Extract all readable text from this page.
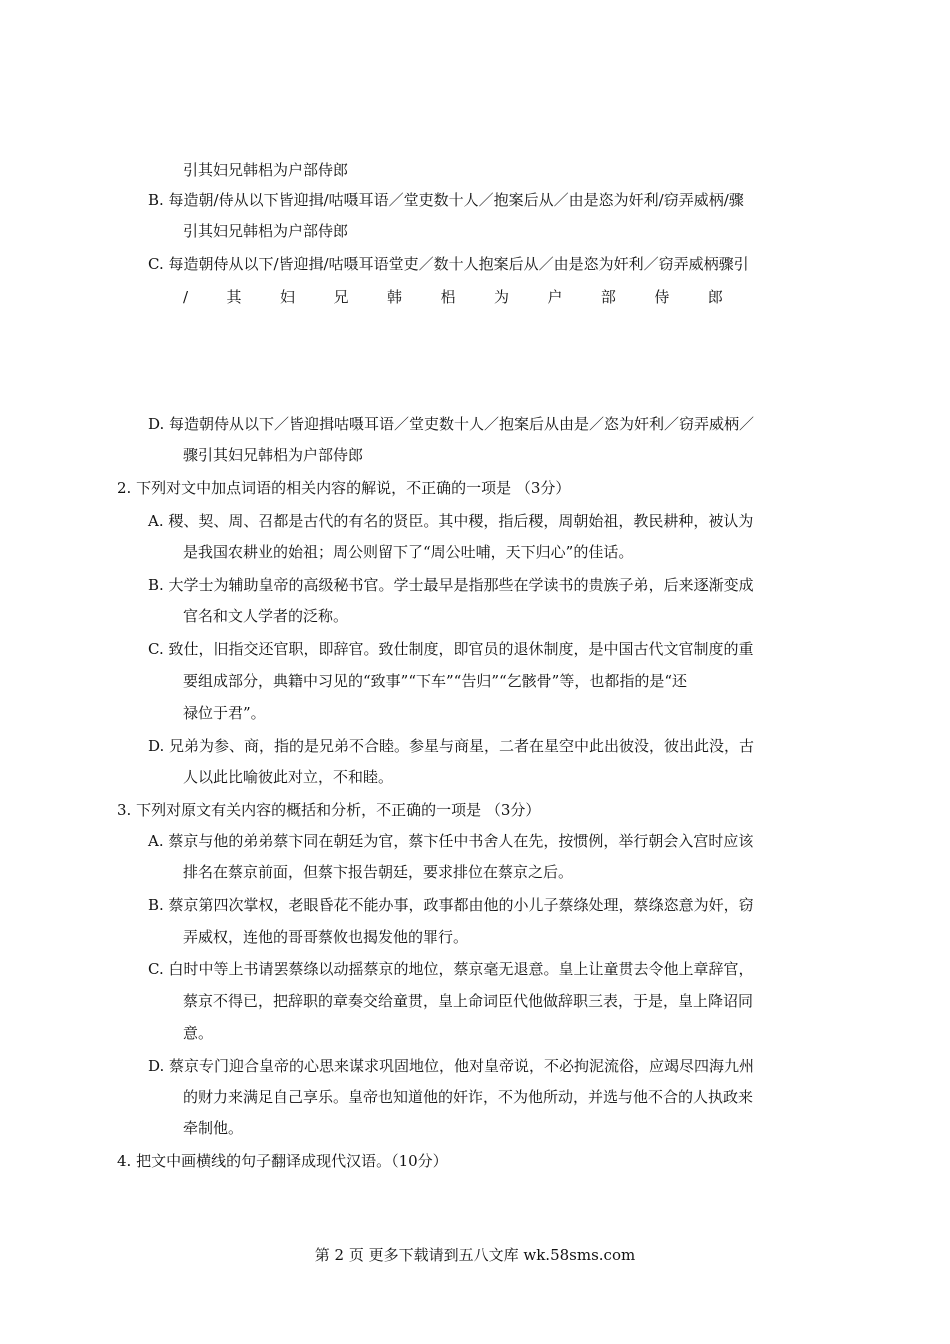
引其妇兄韩梠为户部侍郎
B. 每造朝/侍从以下皆迎揖/咕嗫耳语／堂吏数十人／抱案后从／由是恣为奸利/窃弄威柄/骤
引其妇兄韩梠为户部侍郎
C. 每造朝侍从以下/皆迎揖/咕嗫耳语堂吏／数十人抱案后从／由是恣为奸利／窃弄威柄骤引
/	其	妇	兄	韩	梠	为	户	部	侍	郎
D. 每造朝侍从以下／皆迎揖咕嗫耳语／堂吏数十人／抱案后从由是／恣为奸利／窃弄威柄／
骤引其妇兄韩梠为户部侍郎
2. 下列对文中加点词语的相关内容的解说，不正确的一项是 （3分）
A. 稷、契、周、召都是古代的有名的贤臣。其中稷，指后稷，周朝始祖，教民耕种，被认为
是我国农耕业的始祖；周公则留下了“周公吐哺，天下归心”的佳话。
B. 大学士为辅助皇帝的高级秘书官。学士最早是指那些在学读书的贵族子弟，后来逐渐变成
官名和文人学者的泛称。
C. 致仕，旧指交还官职，即辞官。致仕制度，即官员的退休制度，是中国古代文官制度的重
要组成部分，典籍中习见的“致事”“下车”“告归”“乞骸骨”等，也都指的是“还
禄位于君”。
D. 兄弟为参、商，指的是兄弟不合睦。参星与商星，二者在星空中此出彼没，彼出此没，古
人以此比喻彼此对立，不和睦。
3. 下列对原文有关内容的概括和分析，不正确的一项是 （3分）
A. 蔡京与他的弟弟蔡卞同在朝廷为官，蔡卞任中书舍人在先，按惯例，举行朝会入宫时应该
排名在蔡京前面，但蔡卞报告朝廷，要求排位在蔡京之后。
B. 蔡京第四次掌权，老眼昏花不能办事，政事都由他的小儿子蔡绦处理，蔡绦恣意为奸，窃
弄威权，连他的哥哥蔡攸也揭发他的罪行。
C. 白时中等上书请罢蔡绦以动摇蔡京的地位，蔡京毫无退意。皇上让童贯去令他上章辞官，
蔡京不得已，把辞职的章奏交给童贯，皇上命词臣代他做辞职三表，于是，皇上降诏同
意。
D. 蔡京专门迎合皇帝的心思来谋求巩固地位，他对皇帝说，不必拘泥流俗，应竭尽四海九州
的财力来满足自己享乐。皇帝也知道他的奸诈，不为他所动，并选与他不合的人执政来
牵制他。
4. 把文中画横线的句子翻译成现代汉语。（10分）
第 2 页 更多下载请到五八文库 wk.58sms.com
